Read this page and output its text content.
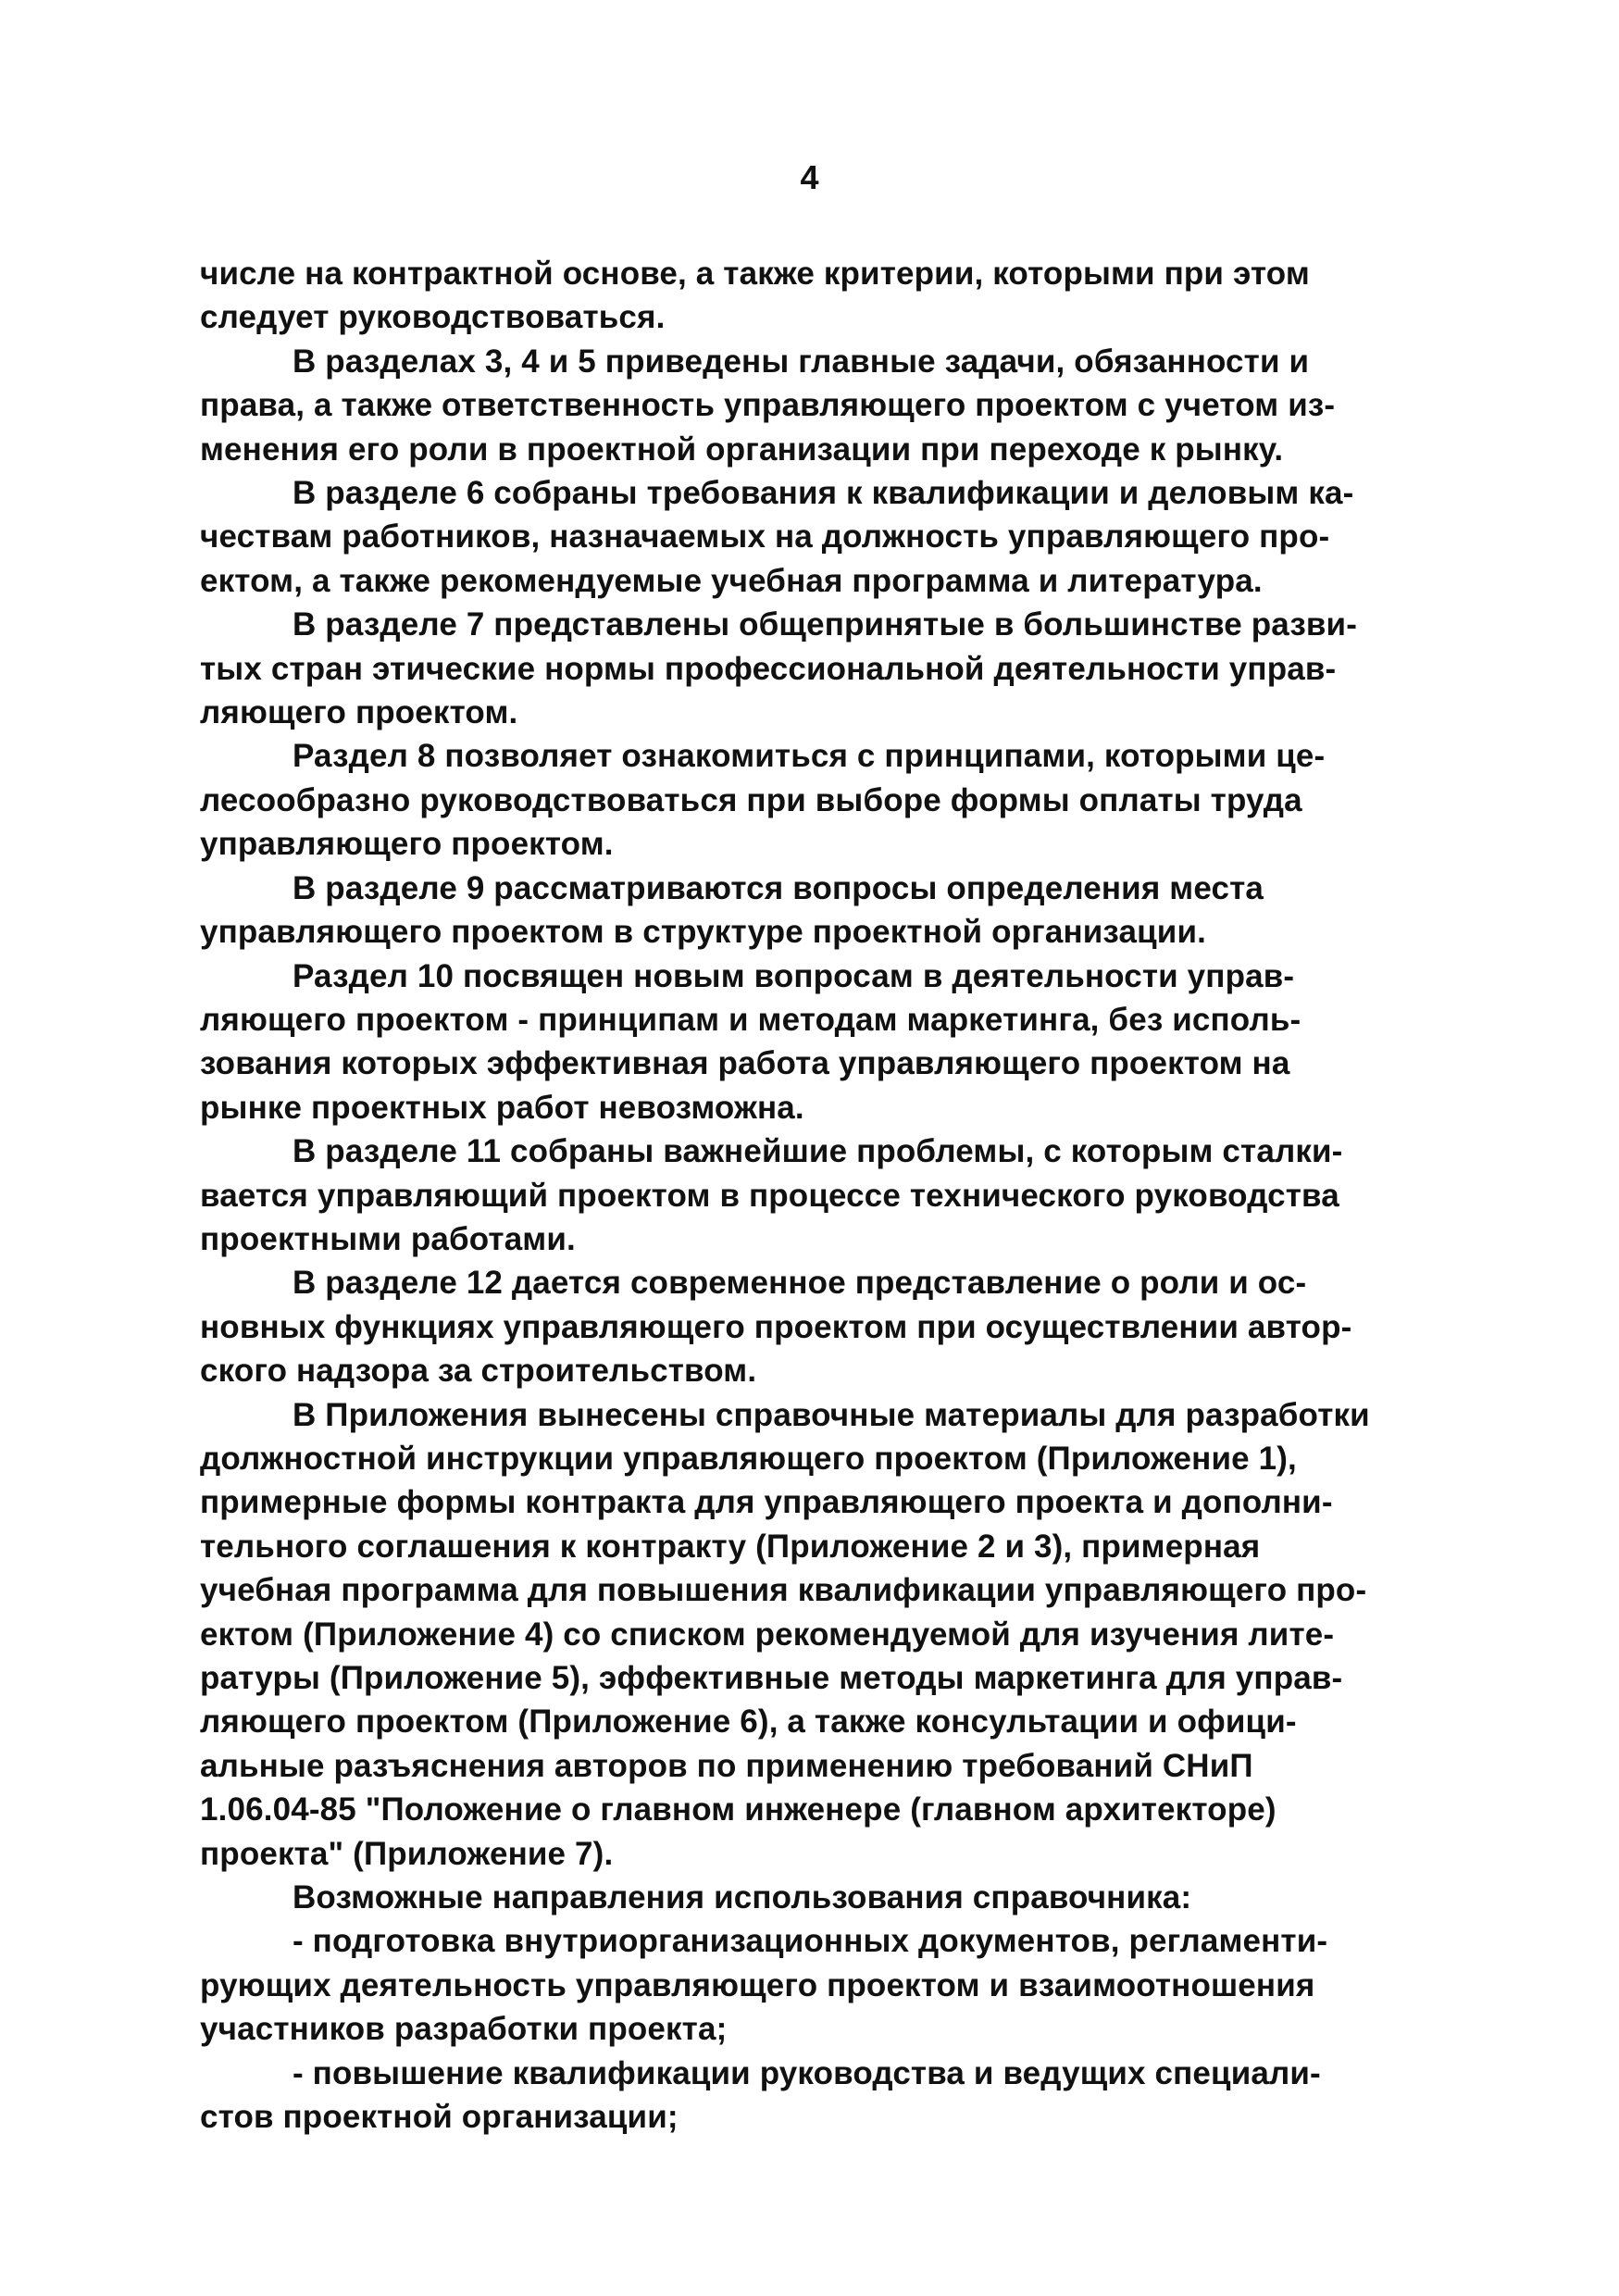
4

числе на контрактной основе, а также критерии, которыми при этом
следует руководствоваться.

В разделах 3, 4 и 5 приведены главные задачи, обязанности и
права, а также ответственность управляющего проектом с учетом из-
менения его роли в проектной организации при переходе к рынку.

В разделе 6 собраны требования к квалификации и деловым ка-
чествам работников, назначаемых на должность управляющего про-
ектом, а также рекомендуемые учебная программа и литература.

В разделе 7 представлены общепринятые в большинстве разви-
тых стран этические нормы профессиональной деятельности управ-
ляющего проектом.

Раздел 8 позволяет ознакомиться с принципами, которыми це-
лесообразно руководствоваться при выборе формы оплаты труда
управляющего проектом.

В разделе 9 рассматриваются вопросы определения места
управляющего проектом в структуре проектной организации.

Раздел 10 посвящен новым вопросам в деятельности управ-
ляющего проектом - принципам и методам маркетинга, без исполь-
зования которых эффективная работа управляющего проектом на
рынке проектных работ невозможна.

В разделе 11 собраны важнейшие проблемы, с которым сталки-
вается управляющий проектом в процессе технического руководства
проектными работами.

В разделе 12 дается современное представление о роли и ос-
новных функциях управляющего проектом при осуществлении автор-
ского надзора за строительством.

В Приложения вынесены справочные материалы для разработки
должностной инструкции управляющего проектом (Приложение 1),
примерные формы контракта для управляющего проекта и дополни-
тельного соглашения к контракту (Приложение 2 и 3), примерная
учебная программа для повышения квалификации управляющего про-
ектом (Приложение 4) со списком рекомендуемой для изучения лите-
ратуры (Приложение 5), эффективные методы маркетинга для управ-
ляющего проектом (Приложение 6), а также консультации и офици-
альные разъяснения авторов по применению требований СНиП
1.06.04-85 "Положение о главном инженере (главном архитекторе)
проекта" (Приложение 7).

Возможные направления использования справочника:

- подготовка внутриорганизационных документов, регламенти-
рующих деятельность управляющего проектом и взаимоотношения
участников разработки проекта;

- повышение квалификации руководства и ведущих специали-
стов проектной организации;
